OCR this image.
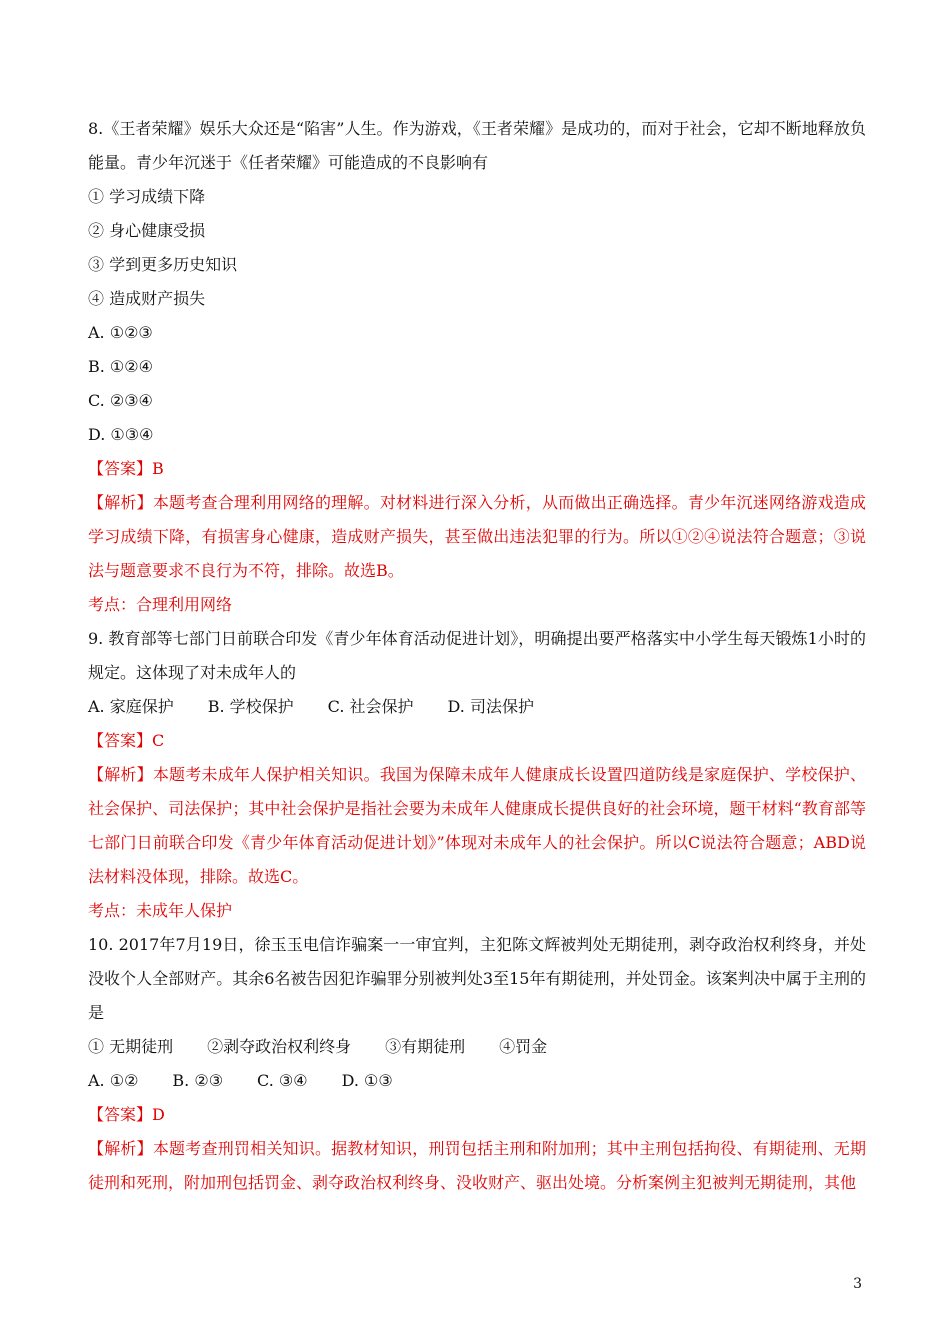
8.《王者荣耀》娱乐大众还是“陷害”人生。作为游戏，《王者荣耀》是成功的，而对于社会，它却不断地释放负能量。青少年沉迷于《任者荣耀》可能造成的不良影响有
① 学习成绩下降
② 身心健康受损
③ 学到更多历史知识
④ 造成财产损失
A. ①②③
B. ①②④
C. ②③④
D. ①③④
【答案】B
【解析】本题考查合理利用网络的理解。对材料进行深入分析，从而做出正确选择。青少年沉迷网络游戏造成学习成绩下降，有损害身心健康，造成财产损失，甚至做出违法犯罪的行为。所以①②④说法符合题意；③说法与题意要求不良行为不符，排除。故选B。
考点：合理利用网络
9. 教育部等七部门日前联合印发《青少年体育活动促进计划》，明确提出要严格落实中小学生每天锻炼1小时的规定。这体现了对未成年人的
A. 家庭保护 B. 学校保护 C. 社会保护 D. 司法保护
【答案】C
【解析】本题考未成年人保护相关知识。我国为保障未成年人健康成长设置四道防线是家庭保护、学校保护、社会保护、司法保护；其中社会保护是指社会要为未成年人健康成长提供良好的社会环境，题干材料“教育部等七部门日前联合印发《青少年体育活动促进计划》”体现对未成年人的社会保护。所以C说法符合题意；ABD说法材料没体现，排除。故选C。
考点：未成年人保护
10. 2017年7月19日，徐玉玉电信诈骗案一一审宜判，主犯陈文辉被判处无期徒刑，剥夺政治权利终身，并处没收个人全部财产。其余6名被告因犯诈骗罪分别被判处3至15年有期徒刑，并处罚金。该案判决中属于主刑的是
① 无期徒刑 ②剥夺政治权利终身 ③有期徒刑 ④罚金
A. ①② B. ②③ C. ③④ D. ①③
【答案】D
【解析】本题考查刑罚相关知识。据教材知识，刑罚包括主刑和附加刑；其中主刑包括拘役、有期徒刑、无期徒刑和死刑，附加刑包括罚金、剥夺政治权利终身、没收财产、驱出处境。分析案例主犯被判无期徒刑，其他
3
